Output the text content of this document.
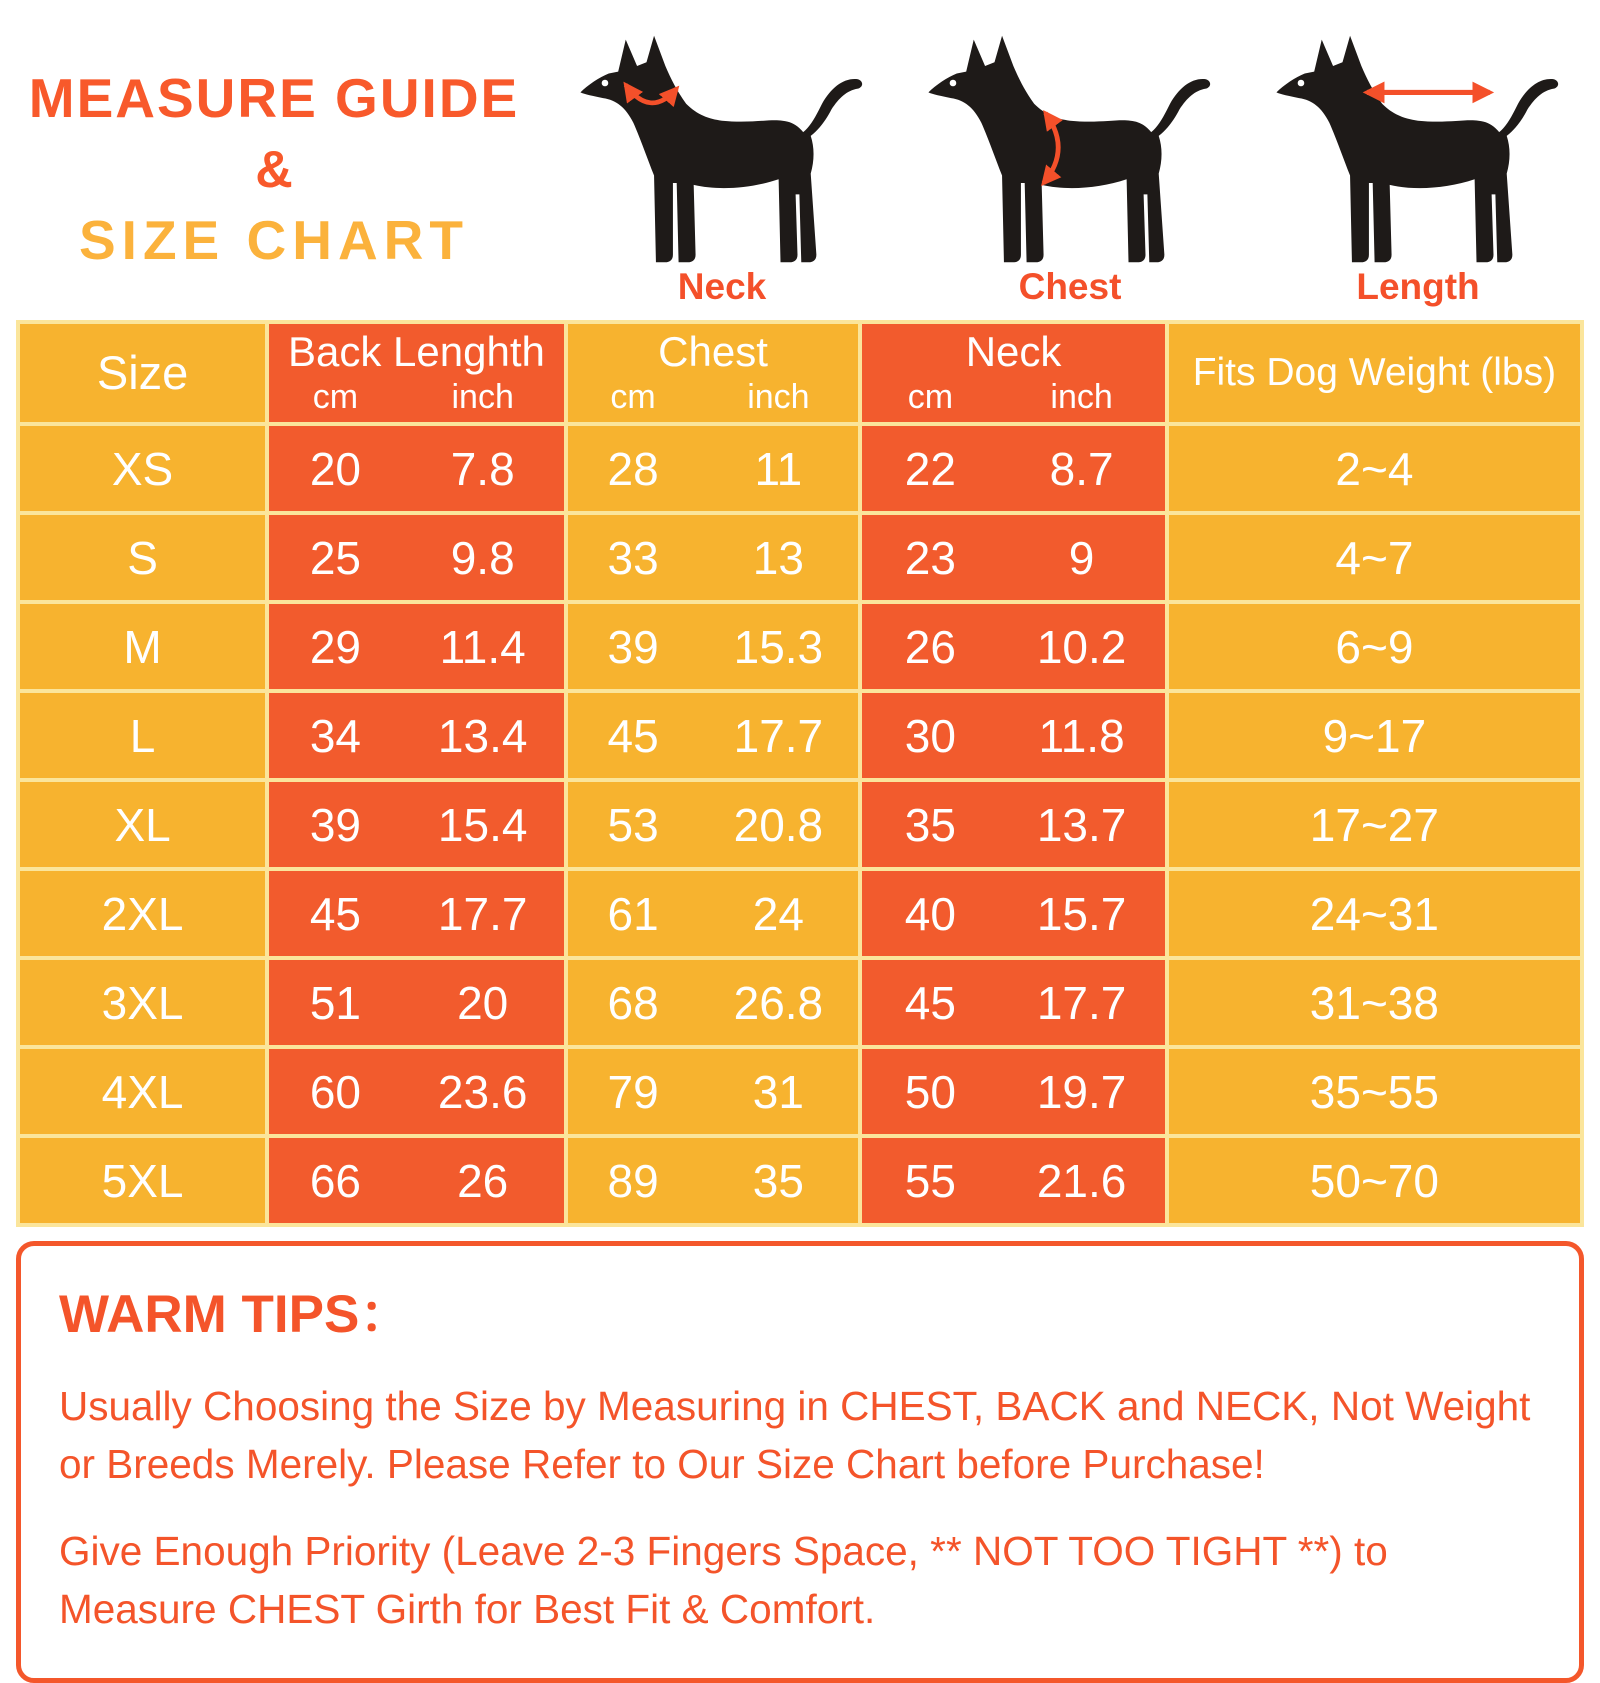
MEASURE GUIDE
&
SIZE CHART
Neck	Chest	Length
Size Back Lenghth
cm	inch
Chest
cm	inch
Neck
cm	inch
Fits Dog Weight (lbs)
XS	20	7.8	28	11	22	8.7	2~4
S	25	9.8	33	13	23	9	4~7
M	29	11.4	39	15.3	26	10.2	6~9
L	34	13.4	45	17.7	30	11.8	9~17
XL	39	15.4	53	20.8	35	13.7	17~27
2XL	45	17.7	61	24	40	15.7	24~31
3XL	51	20	68	26.8	45	17.7	31~38
4XL	60	23.6	79	31	50	19.7	35~55
5XL	66	26	89	35	55	21.6	50~70
WARM TIPS：

Usually Choosing the Size by Measuring in CHEST, BACK and NECK, Not Weight or Breeds Merely. Please Refer to Our Size Chart before Purchase!

Give Enough Priority (Leave 2-3 Fingers Space, ** NOT TOO TIGHT **) to Measure CHEST Girth for Best Fit & Comfort.
